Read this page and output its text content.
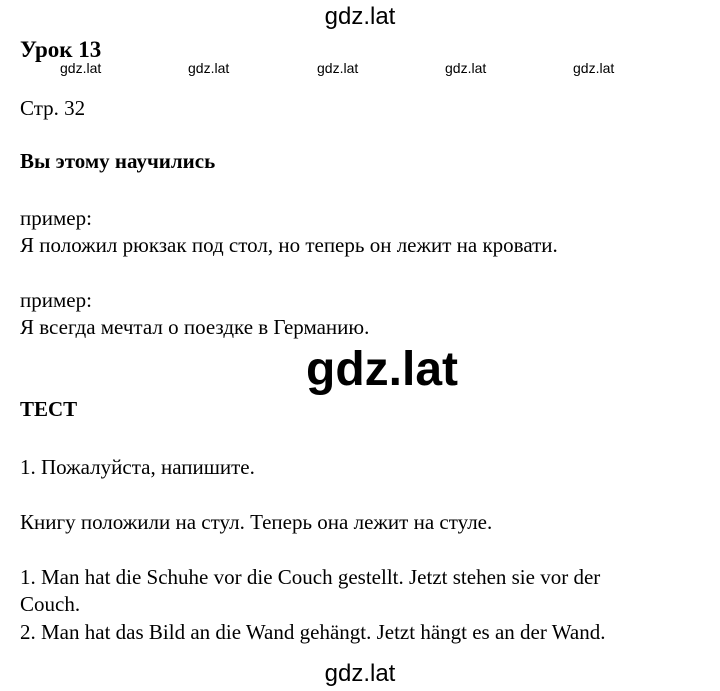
gdz.lat
Урок 13
gdz.lat	gdz.lat	gdz.lat	gdz.lat	gdz.lat
Стр. 32
Вы этому научились
пример:
Я положил рюкзак под стол, но теперь он лежит на кровати.
пример:
Я всегда мечтал о поездке в Германию.
gdz.lat
ТЕСТ
1. Пожалуйста, напишите.
Книгу положили на стул. Теперь она лежит на стуле.
1. Man hat die Schuhe vor die Couch gestellt. Jetzt stehen sie vor der
Couch.
2. Man hat das Bild an die Wand gehängt. Jetzt hängt es an der Wand.
gdz.lat
